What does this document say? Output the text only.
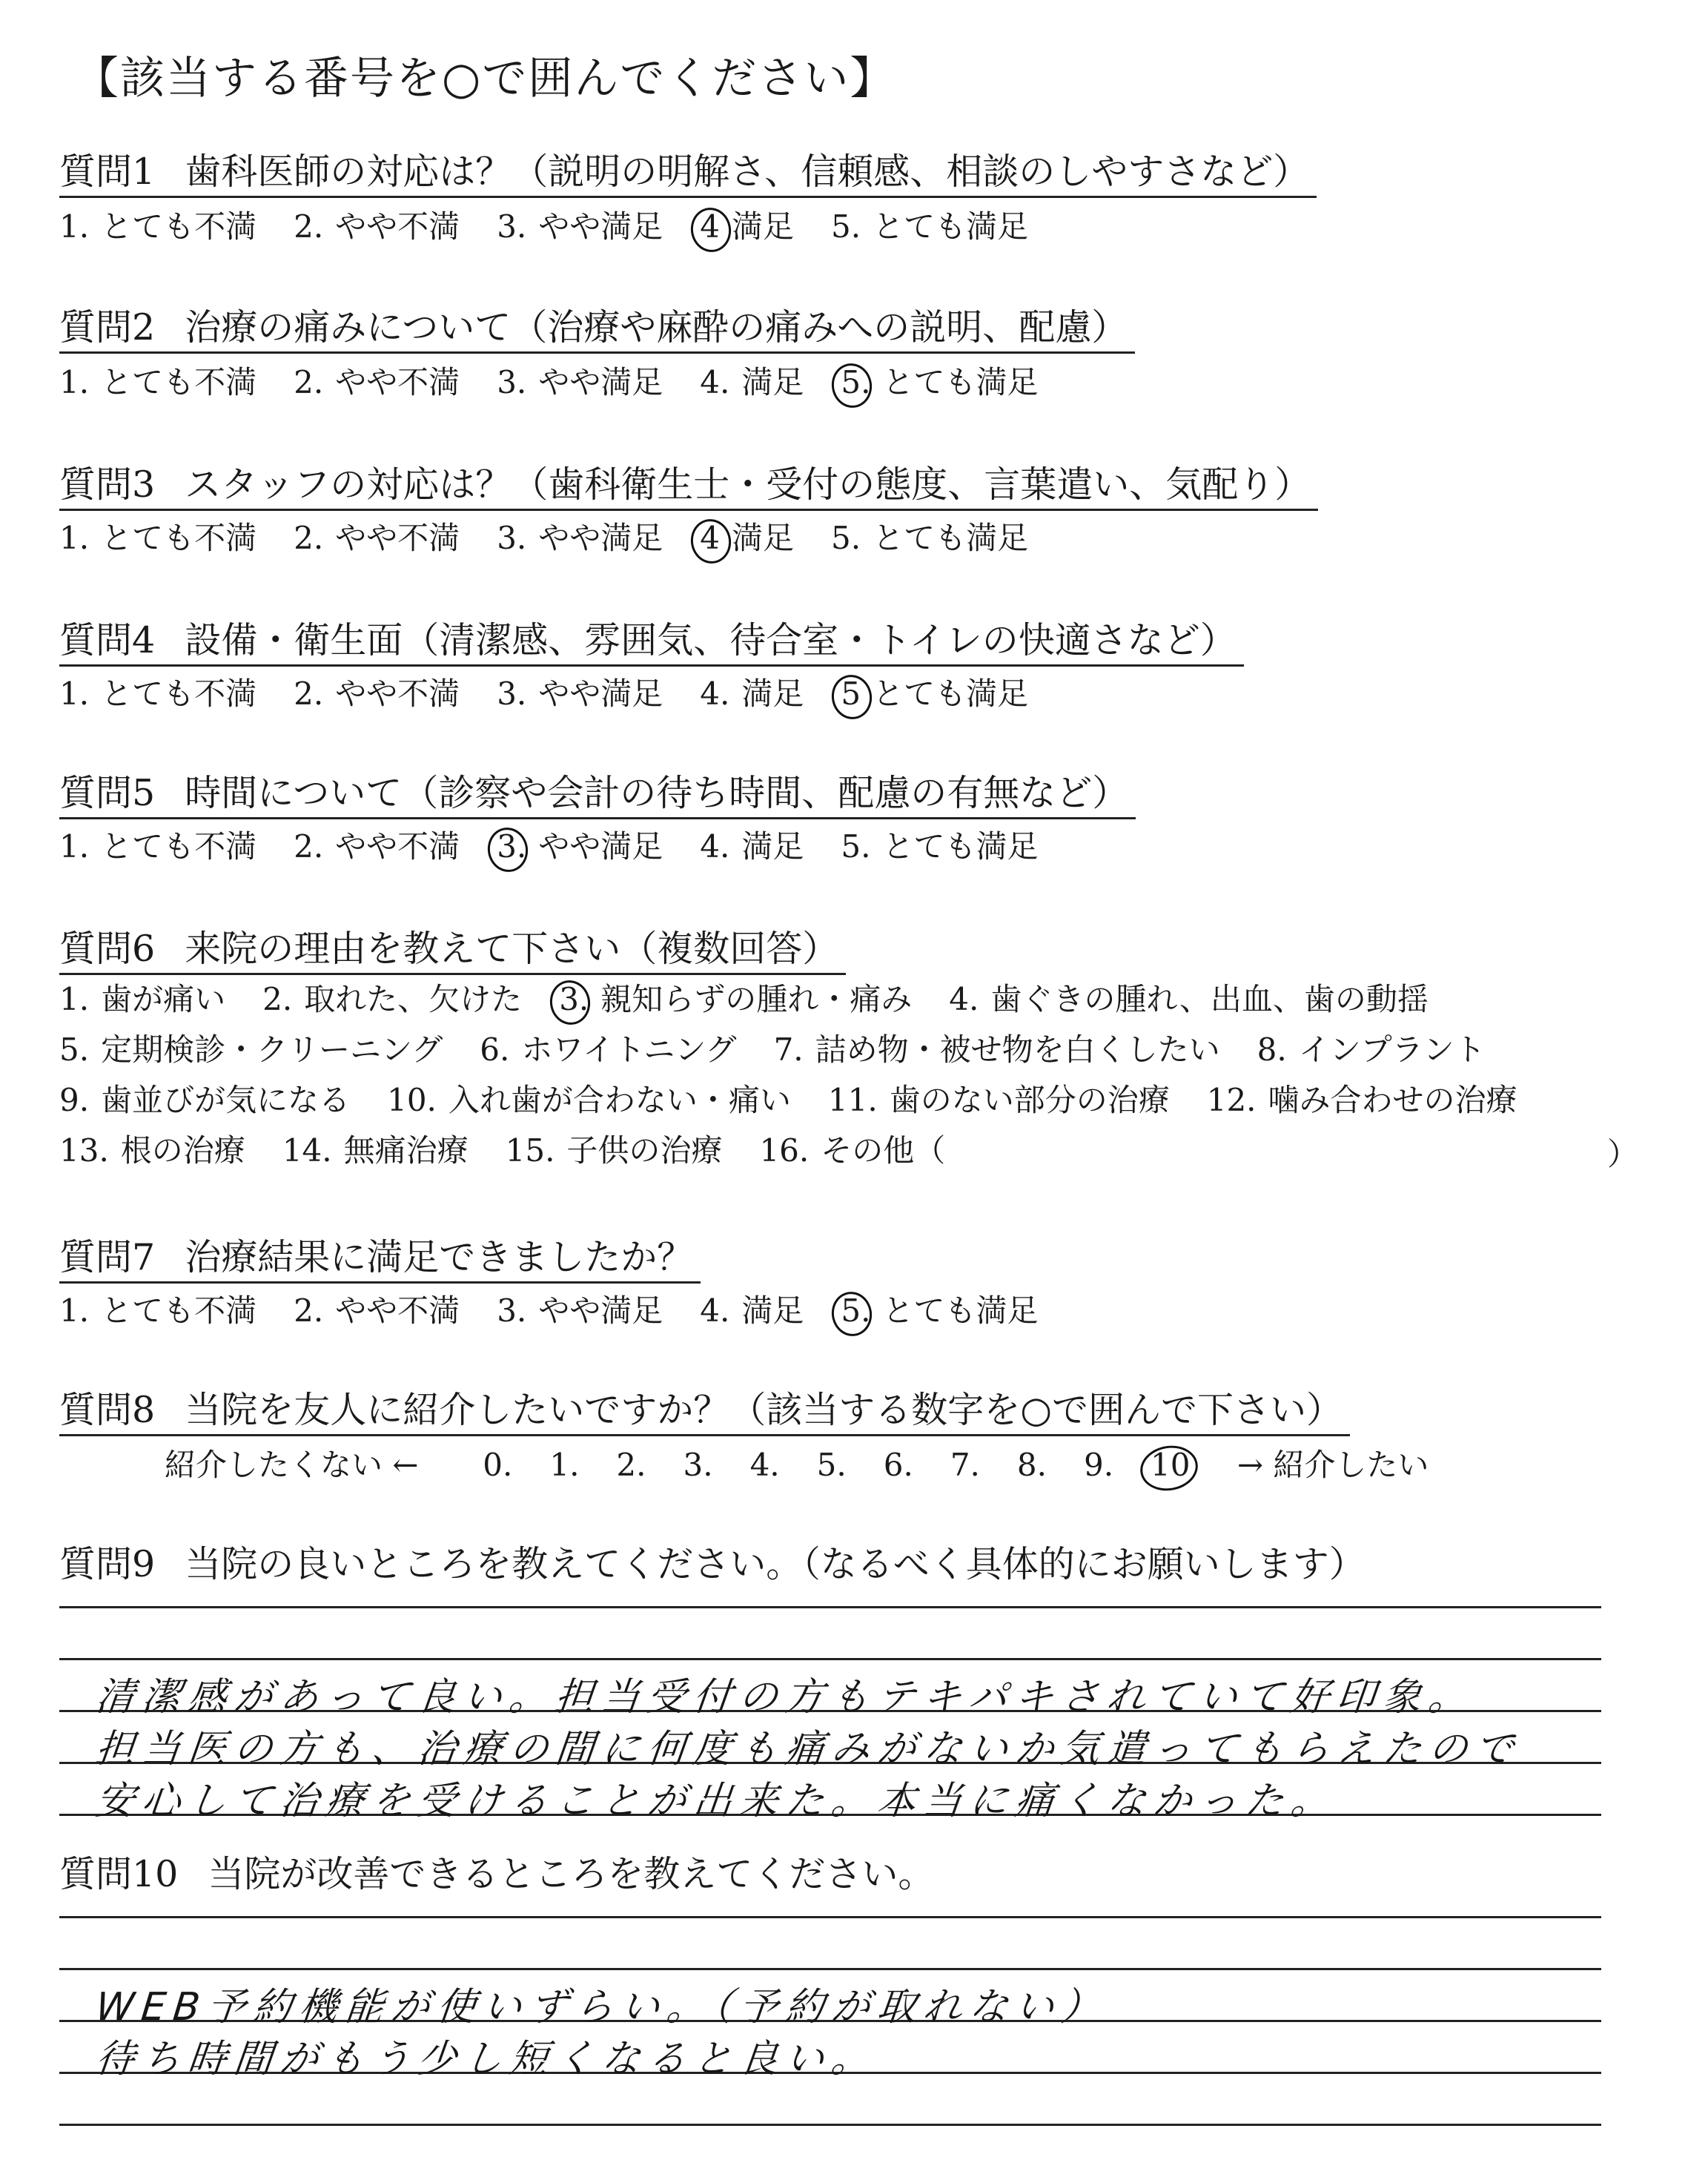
【該当する番号を○で囲んでください】
質問1 歯科医師の対応は？（説明の明解さ、信頼感、相談のしやすさなど）
1. とても不満 2. やや不満 3. やや満足 4 満足 5. とても満足
質問2 治療の痛みについて（治療や麻酔の痛みへの説明、配慮）
1. とても不満 2. やや不満 3. やや満足 4. 満足 5. とても満足
質問3 スタッフの対応は？（歯科衛生士・受付の態度、言葉遣い、気配り）
1. とても不満 2. やや不満 3. やや満足 4 満足 5. とても満足
質問4 設備・衛生面（清潔感、雰囲気、待合室・トイレの快適さなど）
1. とても不満 2. やや不満 3. やや満足 4. 満足 5 とても満足
質問5 時間について（診察や会計の待ち時間、配慮の有無など）
1. とても不満 2. やや不満 3. やや満足 4. 満足 5. とても満足
質問6 来院の理由を教えて下さい（複数回答）
1. 歯が痛い 2. 取れた、欠けた 3. 親知らずの腫れ・痛み 4. 歯ぐきの腫れ、出血、歯の動揺
5. 定期検診・クリーニング 6. ホワイトニング 7. 詰め物・被せ物を白くしたい 8. インプラント
9. 歯並びが気になる 10. 入れ歯が合わない・痛い 11. 歯のない部分の治療 12. 噛み合わせの治療
13. 根の治療 14. 無痛治療 15. 子供の治療 16. その他（	）
質問7 治療結果に満足できましたか？
1. とても不満 2. やや不満 3. やや満足 4. 満足 5. とても満足
質問8 当院を友人に紹介したいですか？（該当する数字を○で囲んで下さい）
紹介したくない ← 0. 1. 2. 3. 4. 5. 6. 7. 8. 9. 10 → 紹介したい
質問9 当院の良いところを教えてください。（なるべく具体的にお願いします）
清潔感があって良い。担当受付の方もテキパキされていて好印象。
担当医の方も、治療の間に何度も痛みがないか気遣ってもらえたので
安心して治療を受けることが出来た。本当に痛くなかった。
質問10 当院が改善できるところを教えてください。
WEB予約機能が使いずらい。（予約が取れない）
待ち時間がもう少し短くなると良い。
